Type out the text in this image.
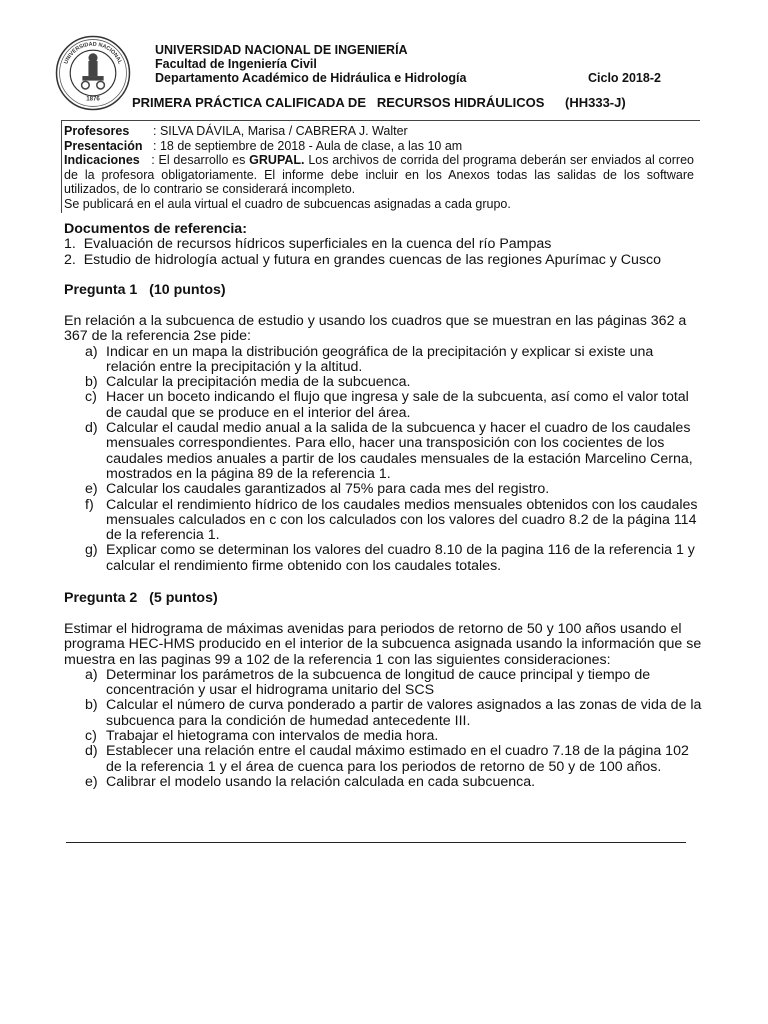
UNIVERSIDAD NACIONAL
1876
UNIVERSIDAD NACIONAL DE INGENIERÍA
Facultad de Ingeniería Civil
Departamento Académico de Hidráulica e Hidrología	Ciclo 2018-2
PRIMERA PRÁCTICA CALIFICADA DE   RECURSOS HIDRÁULICOS (HH333-J)
Profesores : SILVA DÁVILA, Marisa / CABRERA J. Walter
Presentación : 18 de septiembre de 2018 - Aula de clase, a las 10 am
Indicaciones   : El desarrollo es GRUPAL. Los archivos de corrida del programa deberán ser enviados al correo de la profesora obligatoriamente. El informe debe incluir en los Anexos todas las salidas de los software utilizados, de lo contrario se considerará incompleto.
Se publicará en el aula virtual el cuadro de subcuencas asignadas a cada grupo.

Documentos de referencia:

1.  Evaluación de recursos hídricos superficiales en la cuenca del río Pampas

2.  Estudio de hidrología actual y futura en grandes cuencas de las regiones Apurímac y Cusco

Pregunta 1   (10 puntos)

En relación a la subcuenca de estudio y usando los cuadros que se muestran en las páginas 362 a 367 de la referencia 2se pide:

a) Indicar en un mapa la distribución geográfica de la precipitación y explicar si existe una relación entre la precipitación y la altitud.
b) Calcular la precipitación media de la subcuenca.
c) Hacer un boceto indicando el flujo que ingresa y sale de la subcuenta, así como el valor total de caudal que se produce en el interior del área.
d) Calcular el caudal medio anual a la salida de la subcuenca y hacer el cuadro de los caudales mensuales correspondientes. Para ello, hacer una transposición con los cocientes de los caudales medios anuales a partir de los caudales mensuales de la estación Marcelino Cerna, mostrados en la página 89 de la referencia 1.
e) Calcular los caudales garantizados al 75% para cada mes del registro.
f) Calcular el rendimiento hídrico de los caudales medios mensuales obtenidos con los caudales mensuales calculados en c con los calculados con los valores del cuadro 8.2 de la página 114 de la referencia 1.
g) Explicar como se determinan los valores del cuadro 8.10 de la pagina 116 de la referencia 1 y calcular el rendimiento firme obtenido con los caudales totales.

Pregunta 2   (5 puntos)

Estimar el hidrograma de máximas avenidas para periodos de retorno de 50 y 100 años usando el programa HEC-HMS producido en el interior de la subcuenca asignada usando la información que se muestra en las paginas 99 a 102 de la referencia 1 con las siguientes consideraciones:

a) Determinar los parámetros de la subcuenca de longitud de cauce principal y tiempo de concentración y usar el hidrograma unitario del SCS
b) Calcular el número de curva ponderado a partir de valores asignados a las zonas de vida de la subcuenca para la condición de humedad antecedente III.
c) Trabajar el hietograma con intervalos de media hora.
d) Establecer una relación entre el caudal máximo estimado en el cuadro 7.18 de la página 102 de la referencia 1 y el área de cuenca para los periodos de retorno de 50 y de 100 años.
e) Calibrar el modelo usando la relación calculada en cada subcuenca.
